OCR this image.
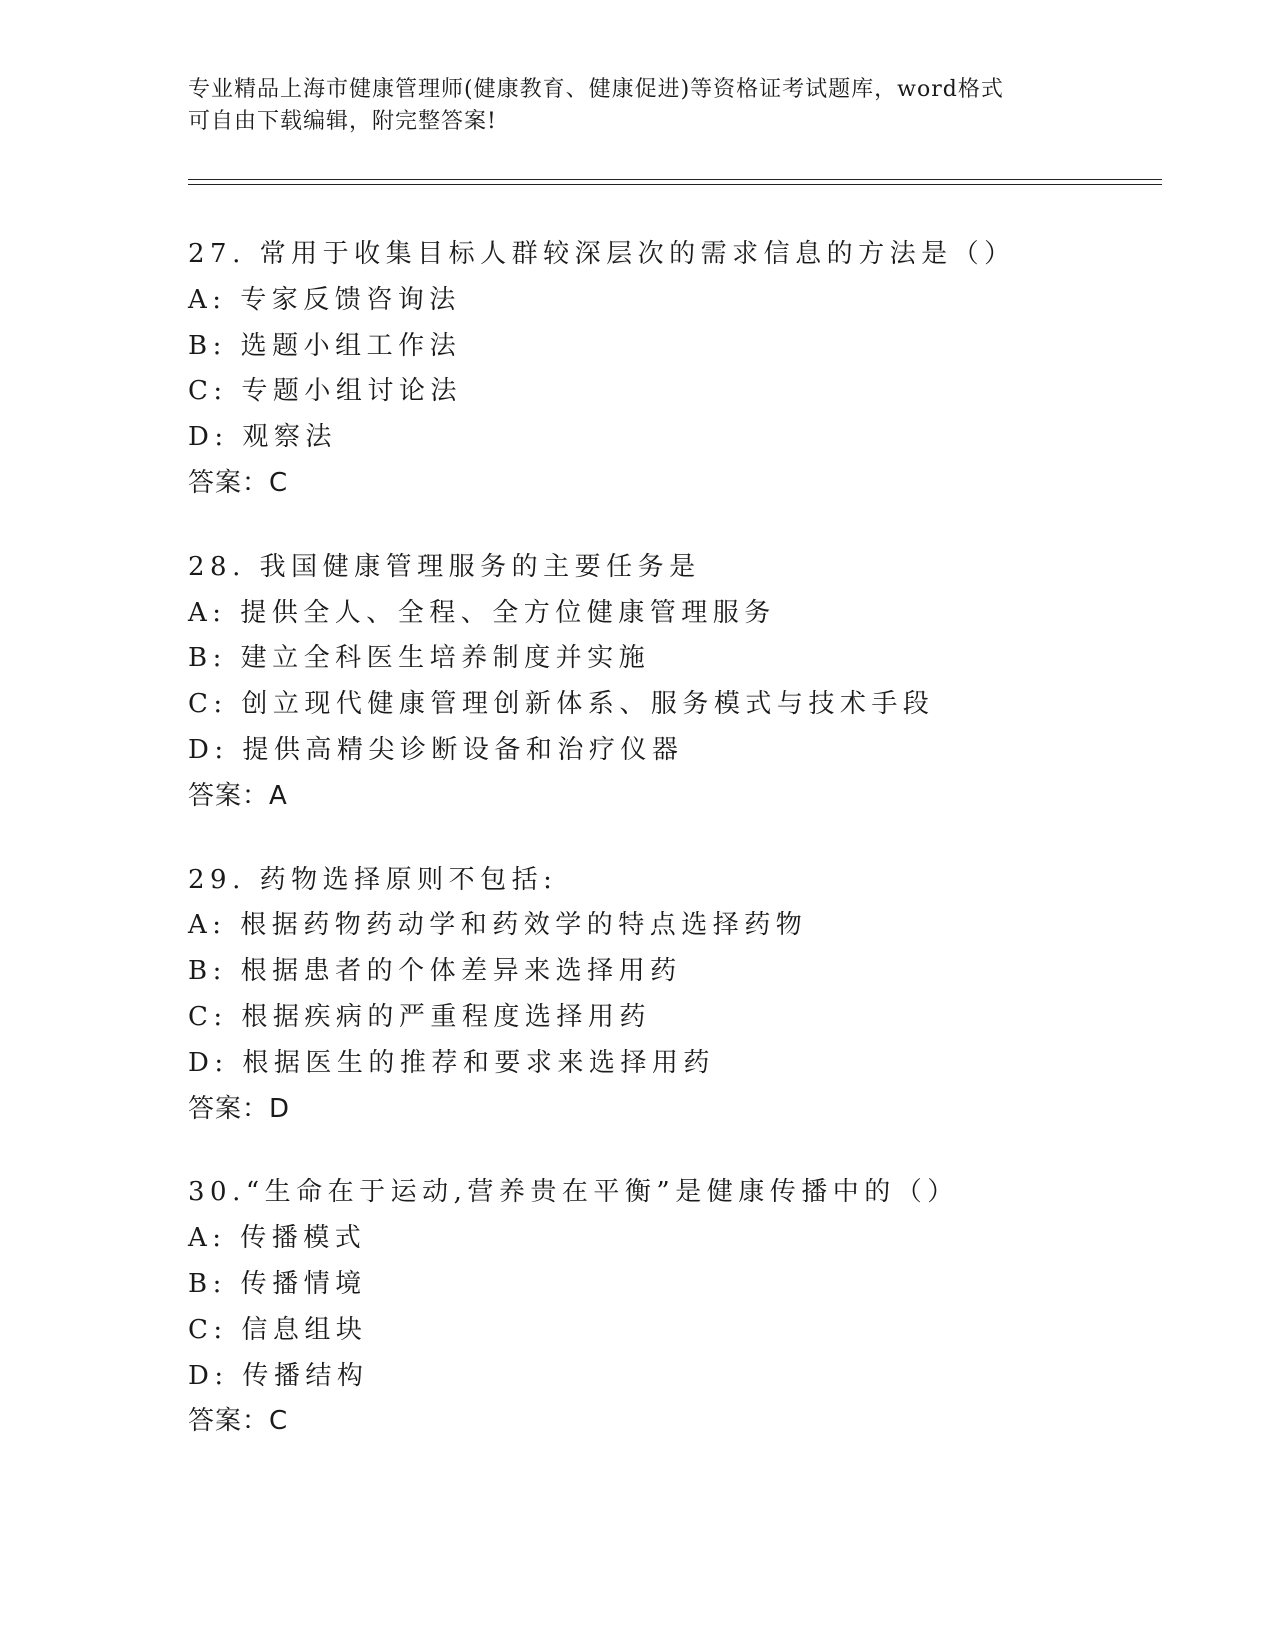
专业精品上海市健康管理师(健康教育、健康促进)等资格证考试题库，word格式
可自由下载编辑，附完整答案!
27. 常用于收集目标人群较深层次的需求信息的方法是（）
A: 专家反馈咨询法
B: 选题小组工作法
C: 专题小组讨论法
D: 观察法
答案：C
28. 我国健康管理服务的主要任务是
A: 提供全人、全程、全方位健康管理服务
B: 建立全科医生培养制度并实施
C: 创立现代健康管理创新体系、服务模式与技术手段
D: 提供高精尖诊断设备和治疗仪器
答案：A
29. 药物选择原则不包括:
A: 根据药物药动学和药效学的特点选择药物
B: 根据患者的个体差异来选择用药
C: 根据疾病的严重程度选择用药
D: 根据医生的推荐和要求来选择用药
答案：D
30.“生命在于运动,营养贵在平衡”是健康传播中的（）
A: 传播模式
B: 传播情境
C: 信息组块
D: 传播结构
答案：C
